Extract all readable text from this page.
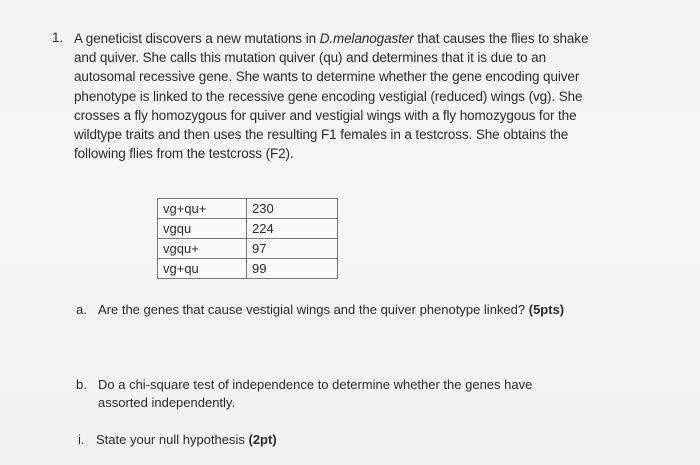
1. A geneticist discovers a new mutations in D.melanogaster that causes the flies to shake
and quiver. She calls this mutation quiver (qu) and determines that it is due to an
autosomal recessive gene. She wants to determine whether the gene encoding quiver
phenotype is linked to the recessive gene encoding vestigial (reduced) wings (vg). She
crosses a fly homozygous for quiver and vestigial wings with a fly homozygous for the
wildtype traits and then uses the resulting F1 females in a testcross. She obtains the
following flies from the testcross (F2).
vg+qu+	230
vgqu	224
vgqu+	97
vg+qu	99
a. Are the genes that cause vestigial wings and the quiver phenotype linked? (5pts)
b. Do a chi-square test of independence to determine whether the genes have
assorted independently.
i. State your null hypothesis (2pt)
